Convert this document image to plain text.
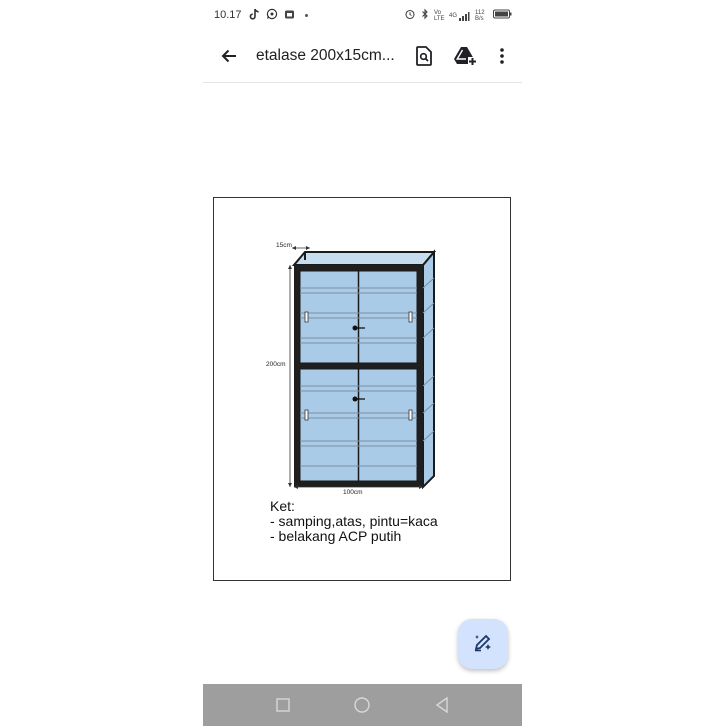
10.17	Vo LTE 4G	112 B/s
etalase 200x15cm...
15cm
200cm
100cm
Ket:
- samping,atas, pintu=kaca
- belakang ACP putih
